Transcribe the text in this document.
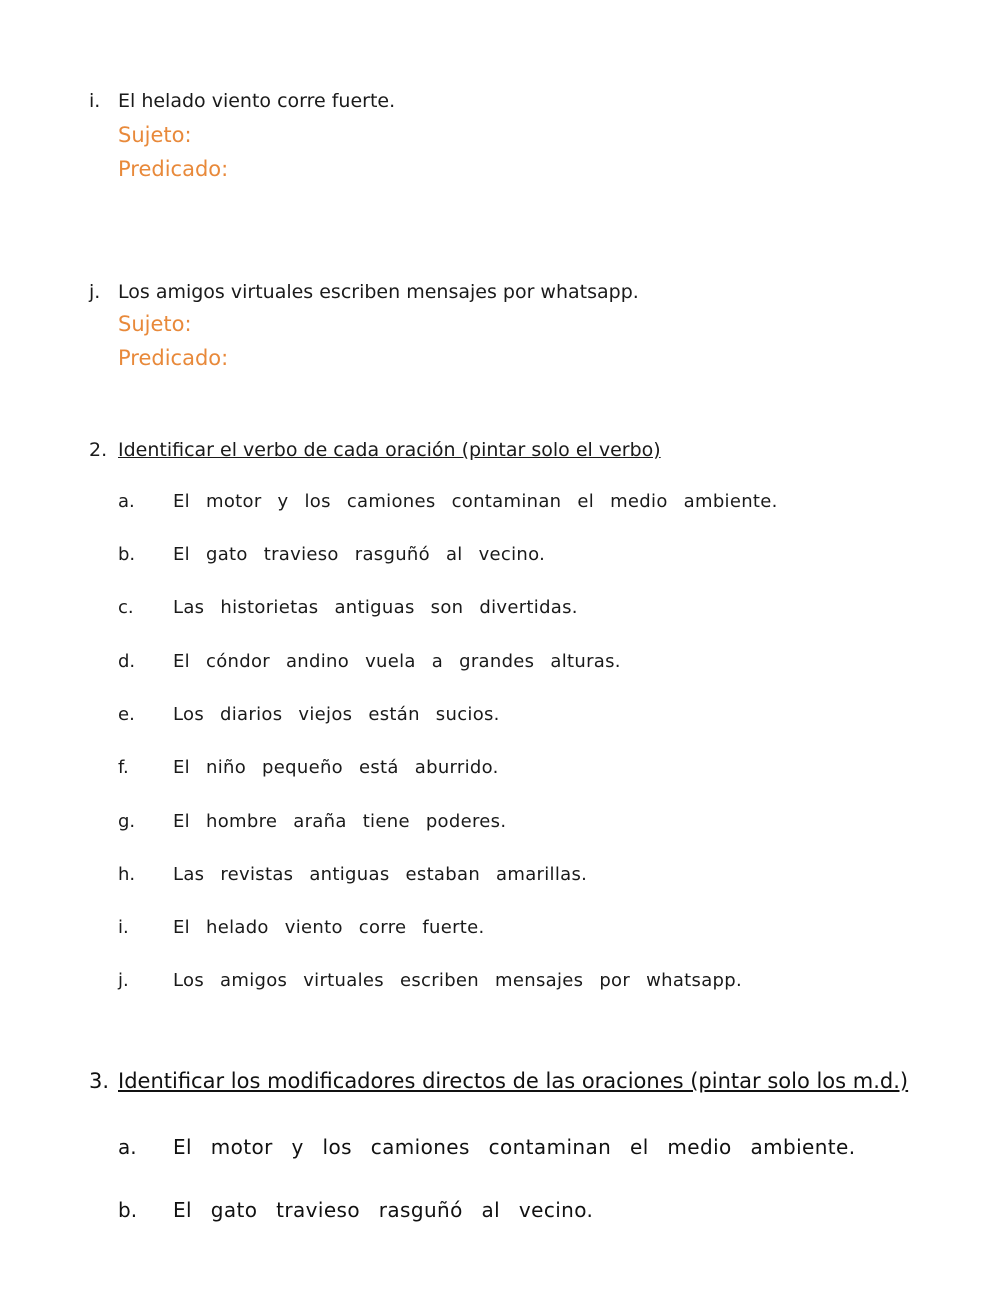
i. El helado viento corre fuerte.
Sujeto:
Predicado:
j. Los amigos virtuales escriben mensajes por whatsapp.
Sujeto:
Predicado:
2. Identificar el verbo de cada oración (pintar solo el verbo)
a. El motor y los camiones contaminan el medio ambiente.
b. El gato travieso rasguñó al vecino.
c. Las historietas antiguas son divertidas.
d. El cóndor andino vuela a grandes alturas.
e. Los diarios viejos están sucios.
f. El niño pequeño está aburrido.
g. El hombre araña tiene poderes.
h. Las revistas antiguas estaban amarillas.
i. El helado viento corre fuerte.
j. Los amigos virtuales escriben mensajes por whatsapp.
3. Identificar los modificadores directos de las oraciones (pintar solo los m.d.)
a. El motor y los camiones contaminan el medio ambiente.
b. El gato travieso rasguñó al vecino.
